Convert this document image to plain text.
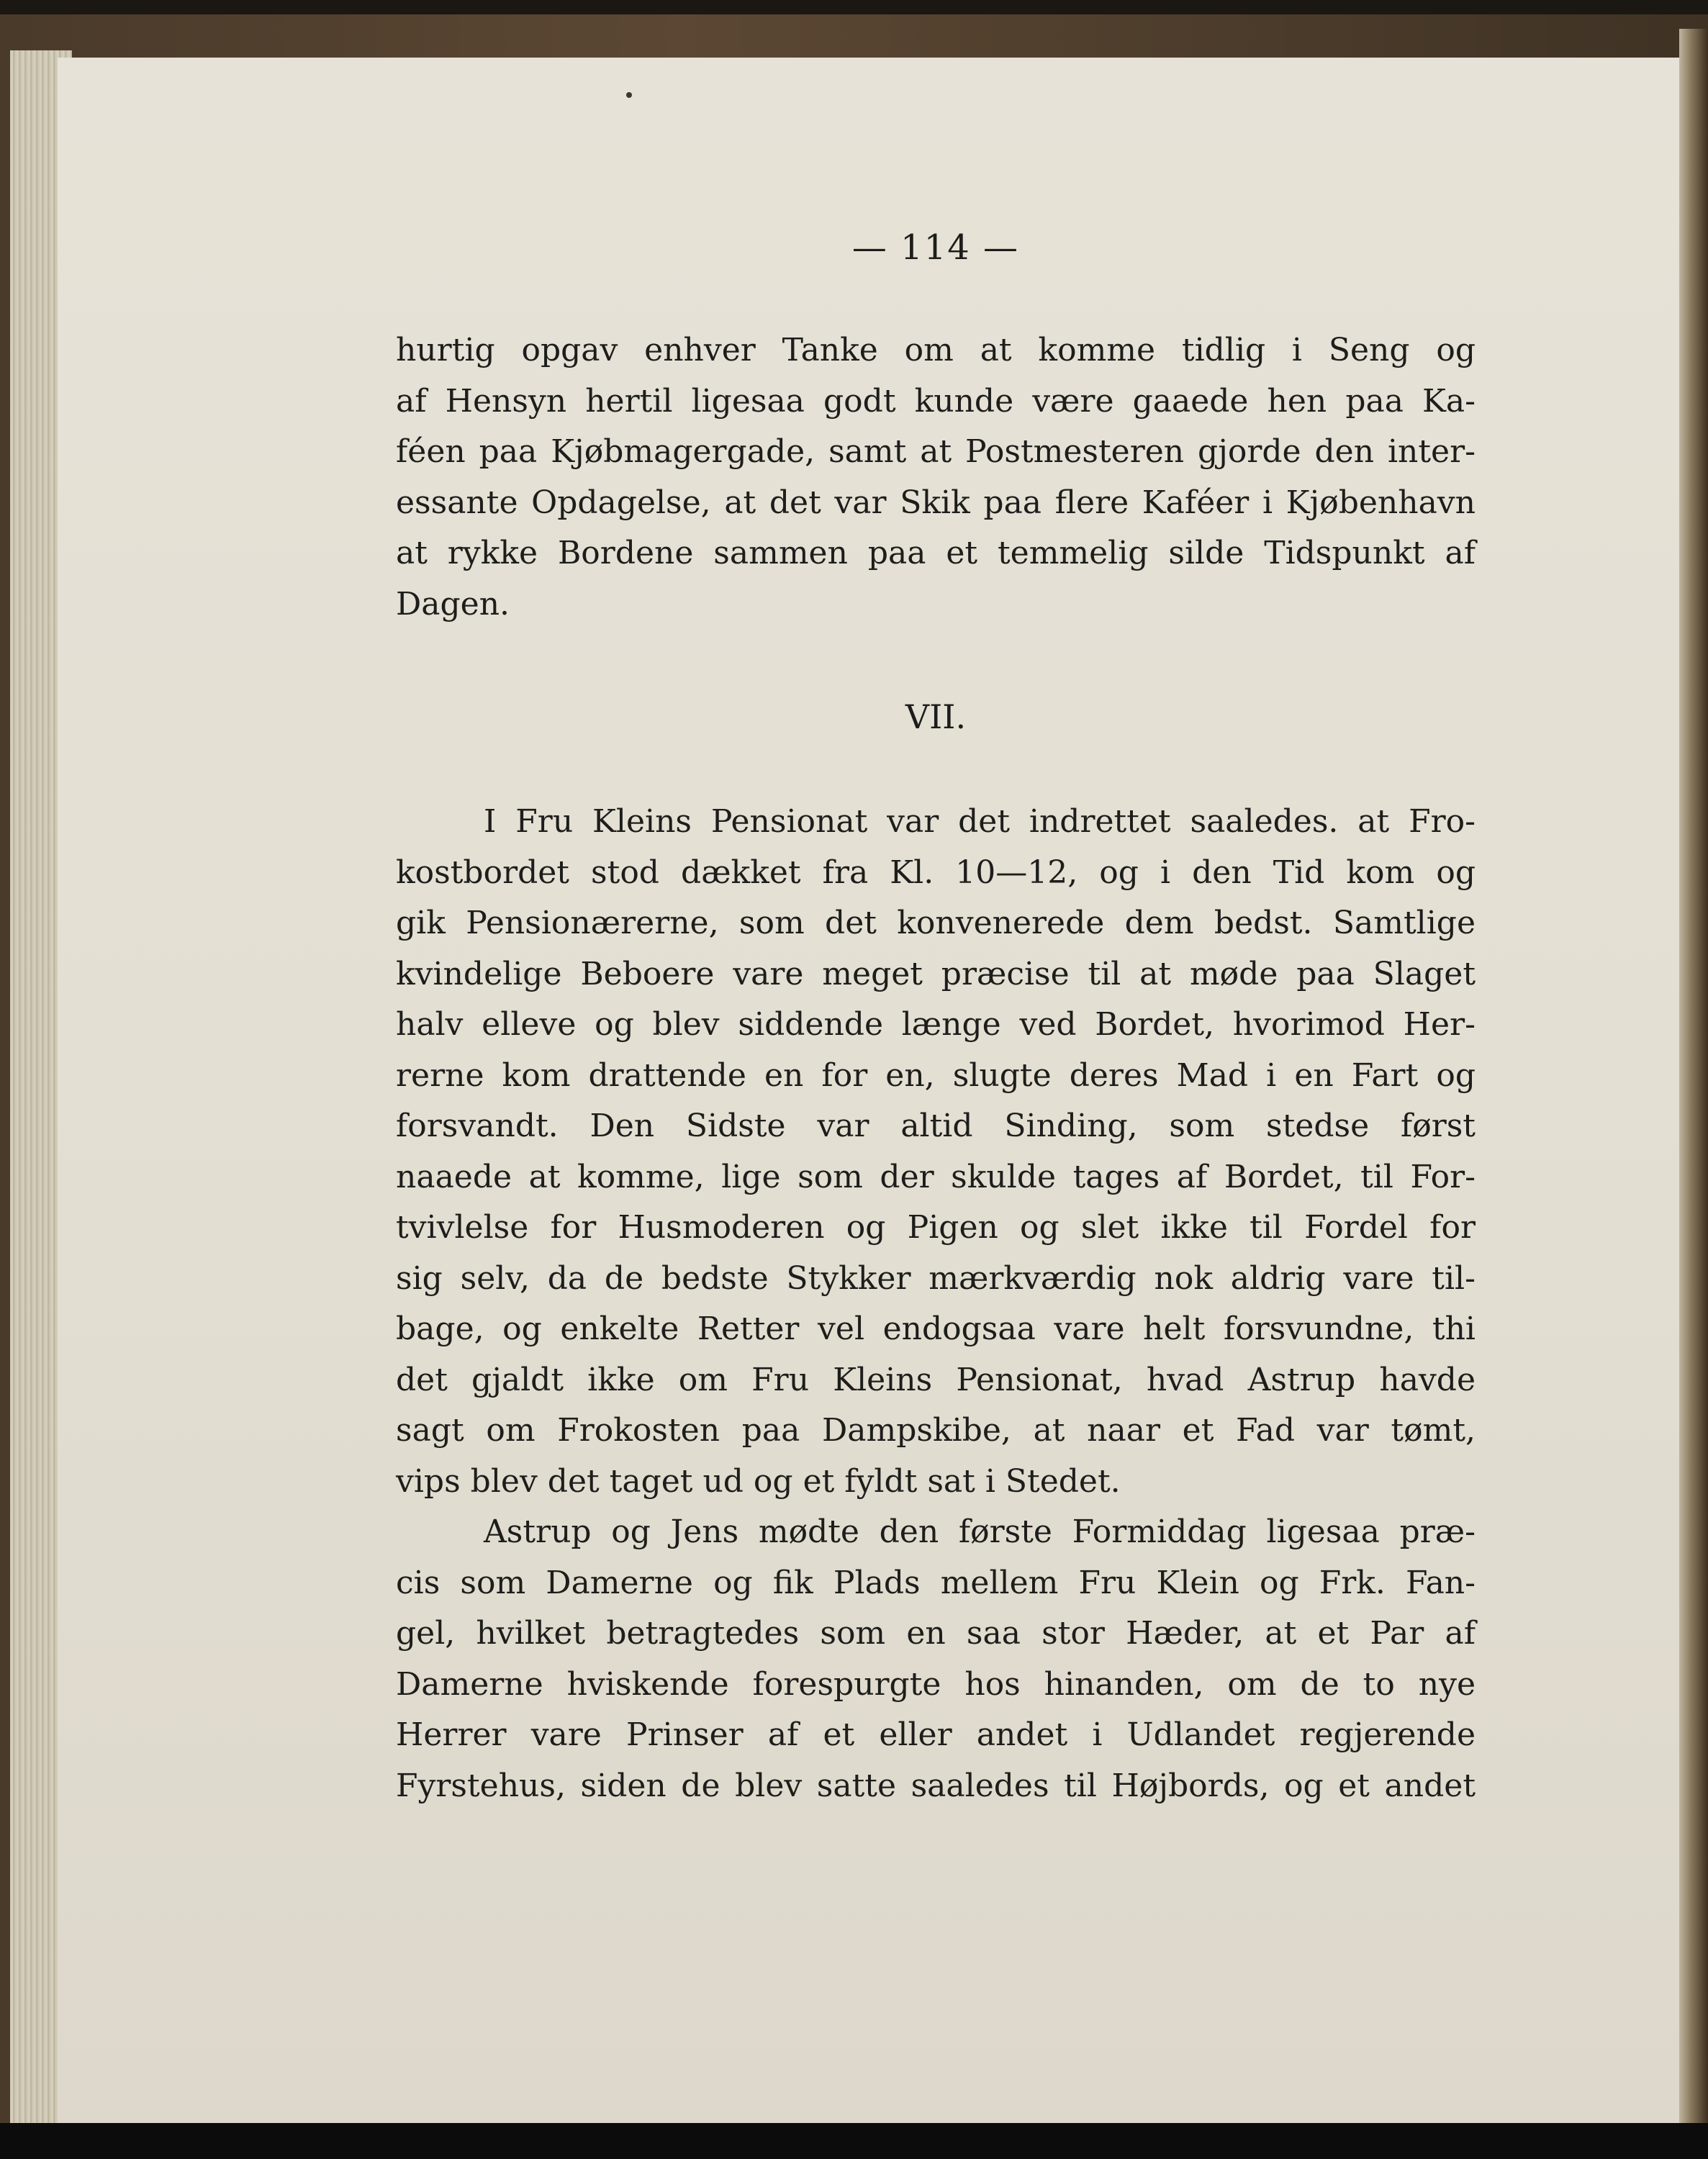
— 114 —
hurtig opgav enhver Tanke om at komme tidlig i Seng og
af Hensyn hertil ligesaa godt kunde være gaaede hen paa Ka-
féen paa Kjøbmagergade, samt at Postmesteren gjorde den inter-
essante Opdagelse, at det var Skik paa flere Kaféer i Kjøbenhavn
at rykke Bordene sammen paa et temmelig silde Tidspunkt af
Dagen.
VII.
I Fru Kleins Pensionat var det indrettet saaledes. at Fro-
kostbordet stod dækket fra Kl. 10—12, og i den Tid kom og
gik Pensionærerne, som det konvenerede dem bedst. Samtlige
kvindelige Beboere vare meget præcise til at møde paa Slaget
halv elleve og blev siddende længe ved Bordet, hvorimod Her-
rerne kom drattende en for en, slugte deres Mad i en Fart og
forsvandt. Den Sidste var altid Sinding, som stedse først
naaede at komme, lige som der skulde tages af Bordet, til For-
tvivlelse for Husmoderen og Pigen og slet ikke til Fordel for
sig selv, da de bedste Stykker mærkværdig nok aldrig vare til-
bage, og enkelte Retter vel endogsaa vare helt forsvundne, thi
det gjaldt ikke om Fru Kleins Pensionat, hvad Astrup havde
sagt om Frokosten paa Dampskibe, at naar et Fad var tømt,
vips blev det taget ud og et fyldt sat i Stedet.
Astrup og Jens mødte den første Formiddag ligesaa præ-
cis som Damerne og fik Plads mellem Fru Klein og Frk. Fan-
gel, hvilket betragtedes som en saa stor Hæder, at et Par af
Damerne hviskende forespurgte hos hinanden, om de to nye
Herrer vare Prinser af et eller andet i Udlandet regjerende
Fyrstehus, siden de blev satte saaledes til Højbords, og et andet
